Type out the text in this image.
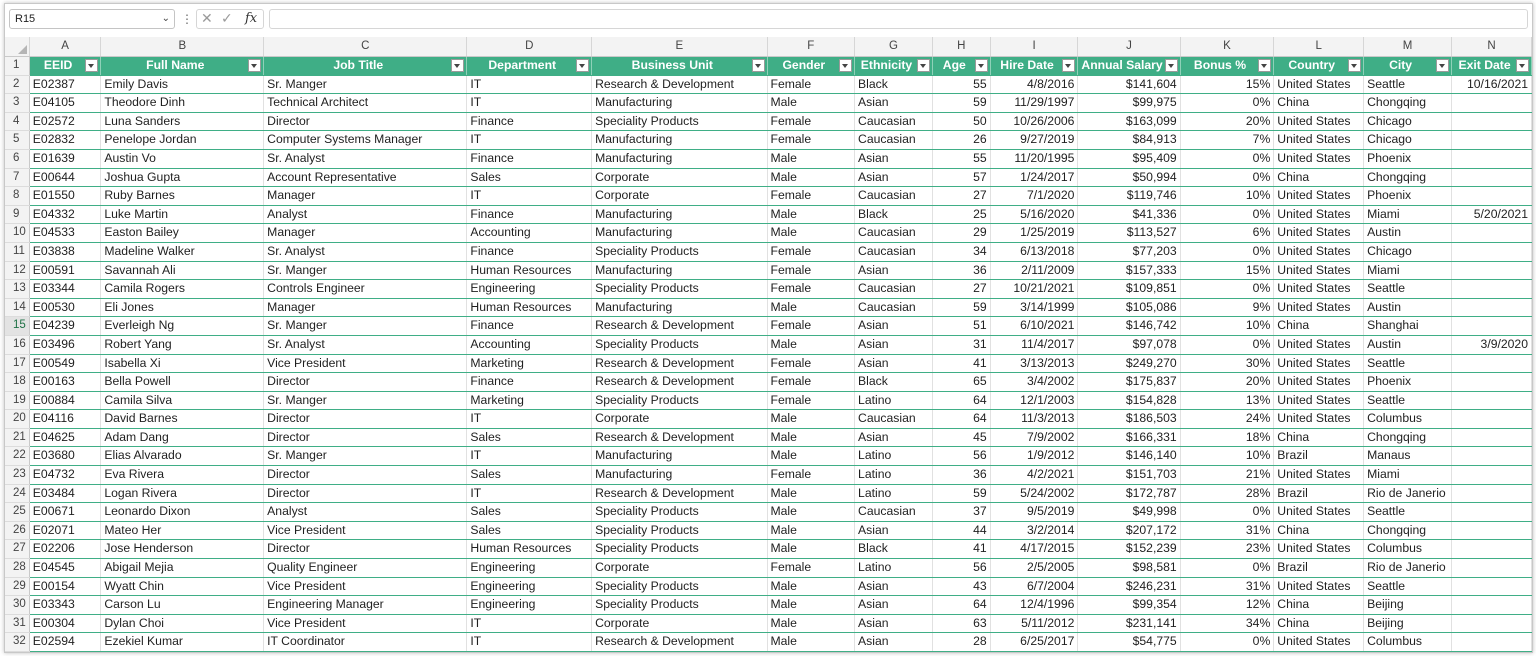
R15	⌄ ⋮ ✕ ✓ fx
	A	B	C	D	E	F	G	H	I	J	K	L	M	N
1	EEID	Full Name	Job Title	Department	Business Unit	Gender	Ethnicity	Age	Hire Date	Annual Salary	Bonus %	Country	City	Exit Date

2	E02387	Emily Davis	Sr. Manger	IT	Research & Development	Female	Black	55	4/8/2016	$141,604	15%	United States	Seattle	10/16/2021
3	E04105	Theodore Dinh	Technical Architect	IT	Manufacturing	Male	Asian	59	11/29/1997	$99,975	0%	China	Chongqing	
4	E02572	Luna Sanders	Director	Finance	Speciality Products	Female	Caucasian	50	10/26/2006	$163,099	20%	United States	Chicago	
5	E02832	Penelope Jordan	Computer Systems Manager	IT	Manufacturing	Female	Caucasian	26	9/27/2019	$84,913	7%	United States	Chicago	
6	E01639	Austin Vo	Sr. Analyst	Finance	Manufacturing	Male	Asian	55	11/20/1995	$95,409	0%	United States	Phoenix	
7	E00644	Joshua Gupta	Account Representative	Sales	Corporate	Male	Asian	57	1/24/2017	$50,994	0%	China	Chongqing	
8	E01550	Ruby Barnes	Manager	IT	Corporate	Female	Caucasian	27	7/1/2020	$119,746	10%	United States	Phoenix	
9	E04332	Luke Martin	Analyst	Finance	Manufacturing	Male	Black	25	5/16/2020	$41,336	0%	United States	Miami	5/20/2021
10	E04533	Easton Bailey	Manager	Accounting	Manufacturing	Male	Caucasian	29	1/25/2019	$113,527	6%	United States	Austin	
11	E03838	Madeline Walker	Sr. Analyst	Finance	Speciality Products	Female	Caucasian	34	6/13/2018	$77,203	0%	United States	Chicago	
12	E00591	Savannah Ali	Sr. Manger	Human Resources	Manufacturing	Female	Asian	36	2/11/2009	$157,333	15%	United States	Miami	
13	E03344	Camila Rogers	Controls Engineer	Engineering	Speciality Products	Female	Caucasian	27	10/21/2021	$109,851	0%	United States	Seattle	
14	E00530	Eli Jones	Manager	Human Resources	Manufacturing	Male	Caucasian	59	3/14/1999	$105,086	9%	United States	Austin	
15	E04239	Everleigh Ng	Sr. Manger	Finance	Research & Development	Female	Asian	51	6/10/2021	$146,742	10%	China	Shanghai	
16	E03496	Robert Yang	Sr. Analyst	Accounting	Speciality Products	Male	Asian	31	11/4/2017	$97,078	0%	United States	Austin	3/9/2020
17	E00549	Isabella Xi	Vice President	Marketing	Research & Development	Female	Asian	41	3/13/2013	$249,270	30%	United States	Seattle	
18	E00163	Bella Powell	Director	Finance	Research & Development	Female	Black	65	3/4/2002	$175,837	20%	United States	Phoenix	
19	E00884	Camila Silva	Sr. Manger	Marketing	Speciality Products	Female	Latino	64	12/1/2003	$154,828	13%	United States	Seattle	
20	E04116	David Barnes	Director	IT	Corporate	Male	Caucasian	64	11/3/2013	$186,503	24%	United States	Columbus	
21	E04625	Adam Dang	Director	Sales	Research & Development	Male	Asian	45	7/9/2002	$166,331	18%	China	Chongqing	
22	E03680	Elias Alvarado	Sr. Manger	IT	Manufacturing	Male	Latino	56	1/9/2012	$146,140	10%	Brazil	Manaus	
23	E04732	Eva Rivera	Director	Sales	Manufacturing	Female	Latino	36	4/2/2021	$151,703	21%	United States	Miami	
24	E03484	Logan Rivera	Director	IT	Research & Development	Male	Latino	59	5/24/2002	$172,787	28%	Brazil	Rio de Janerio	
25	E00671	Leonardo Dixon	Analyst	Sales	Speciality Products	Male	Caucasian	37	9/5/2019	$49,998	0%	United States	Seattle	
26	E02071	Mateo Her	Vice President	Sales	Speciality Products	Male	Asian	44	3/2/2014	$207,172	31%	China	Chongqing	
27	E02206	Jose Henderson	Director	Human Resources	Speciality Products	Male	Black	41	4/17/2015	$152,239	23%	United States	Columbus	
28	E04545	Abigail Mejia	Quality Engineer	Engineering	Corporate	Female	Latino	56	2/5/2005	$98,581	0%	Brazil	Rio de Janerio	
29	E00154	Wyatt Chin	Vice President	Engineering	Speciality Products	Male	Asian	43	6/7/2004	$246,231	31%	United States	Seattle	
30	E03343	Carson Lu	Engineering Manager	Engineering	Speciality Products	Male	Asian	64	12/4/1996	$99,354	12%	China	Beijing	
31	E00304	Dylan Choi	Vice President	IT	Corporate	Male	Asian	63	5/11/2012	$231,141	34%	China	Beijing	
32	E02594	Ezekiel Kumar	IT Coordinator	IT	Research & Development	Male	Asian	28	6/25/2017	$54,775	0%	United States	Columbus	
